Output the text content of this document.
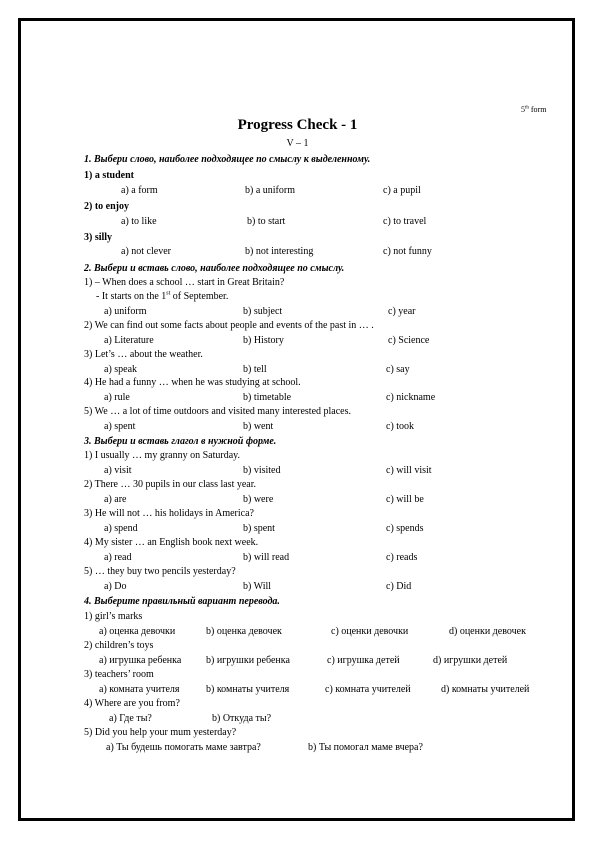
5th form
Progress Check - 1
V – 1
1. Выбери слово, наиболее подходящее по смыслу к выделенному.
1) a student
a) a form	b) a uniform	c) a pupil
2) to enjoy
a) to like	b) to start	c) to travel
3) silly
a) not clever	b) not interesting	c) not funny
2. Выбери и вставь слово, наиболее подходящее по смыслу.
1) – When does a school … start in Great Britain?
- It starts on the 1st of September.
a) uniform	b) subject	c) year
2) We can find out some facts about people and events of the past in … .
a) Literature	b) History	c) Science
3) Let’s … about the weather.
a) speak	b) tell	c) say
4) He had a funny … when he was studying at school.
a) rule	b) timetable	c) nickname
5) We … a lot of time outdoors and visited many interested places.
a) spent	b) went	c) took
3. Выбери и вставь глагол в нужной форме.
1) I usually … my granny on Saturday.
a) visit	b) visited	c) will visit
2) There … 30 pupils in our class last year.
a) are	b) were	c) will be
3) He will not … his holidays in America?
a) spend	b) spent	c) spends
4) My sister … an English book next week.
a) read	b) will read	c) reads
5) … they buy two pencils yesterday?
a) Do	b) Will	c) Did
4. Выберите правильный вариант перевода.
1) girl’s marks
a) оценка девочки	b) оценка девочек	c) оценки девочки	d) оценки девочек
2) children’s toys
a) игрушка ребенка b) игрушки ребенка	c) игрушка детей	d) игрушки детей
3) teachers’ room
a) комната учителя	b) комнаты учителя	c) комната учителей	d) комнаты учителей
4) Where are you from?
a) Где ты?	b) Откуда ты?
5) Did you help your mum yesterday?
a) Ты будешь помогать маме завтра?	b) Ты помогал маме вчера?
